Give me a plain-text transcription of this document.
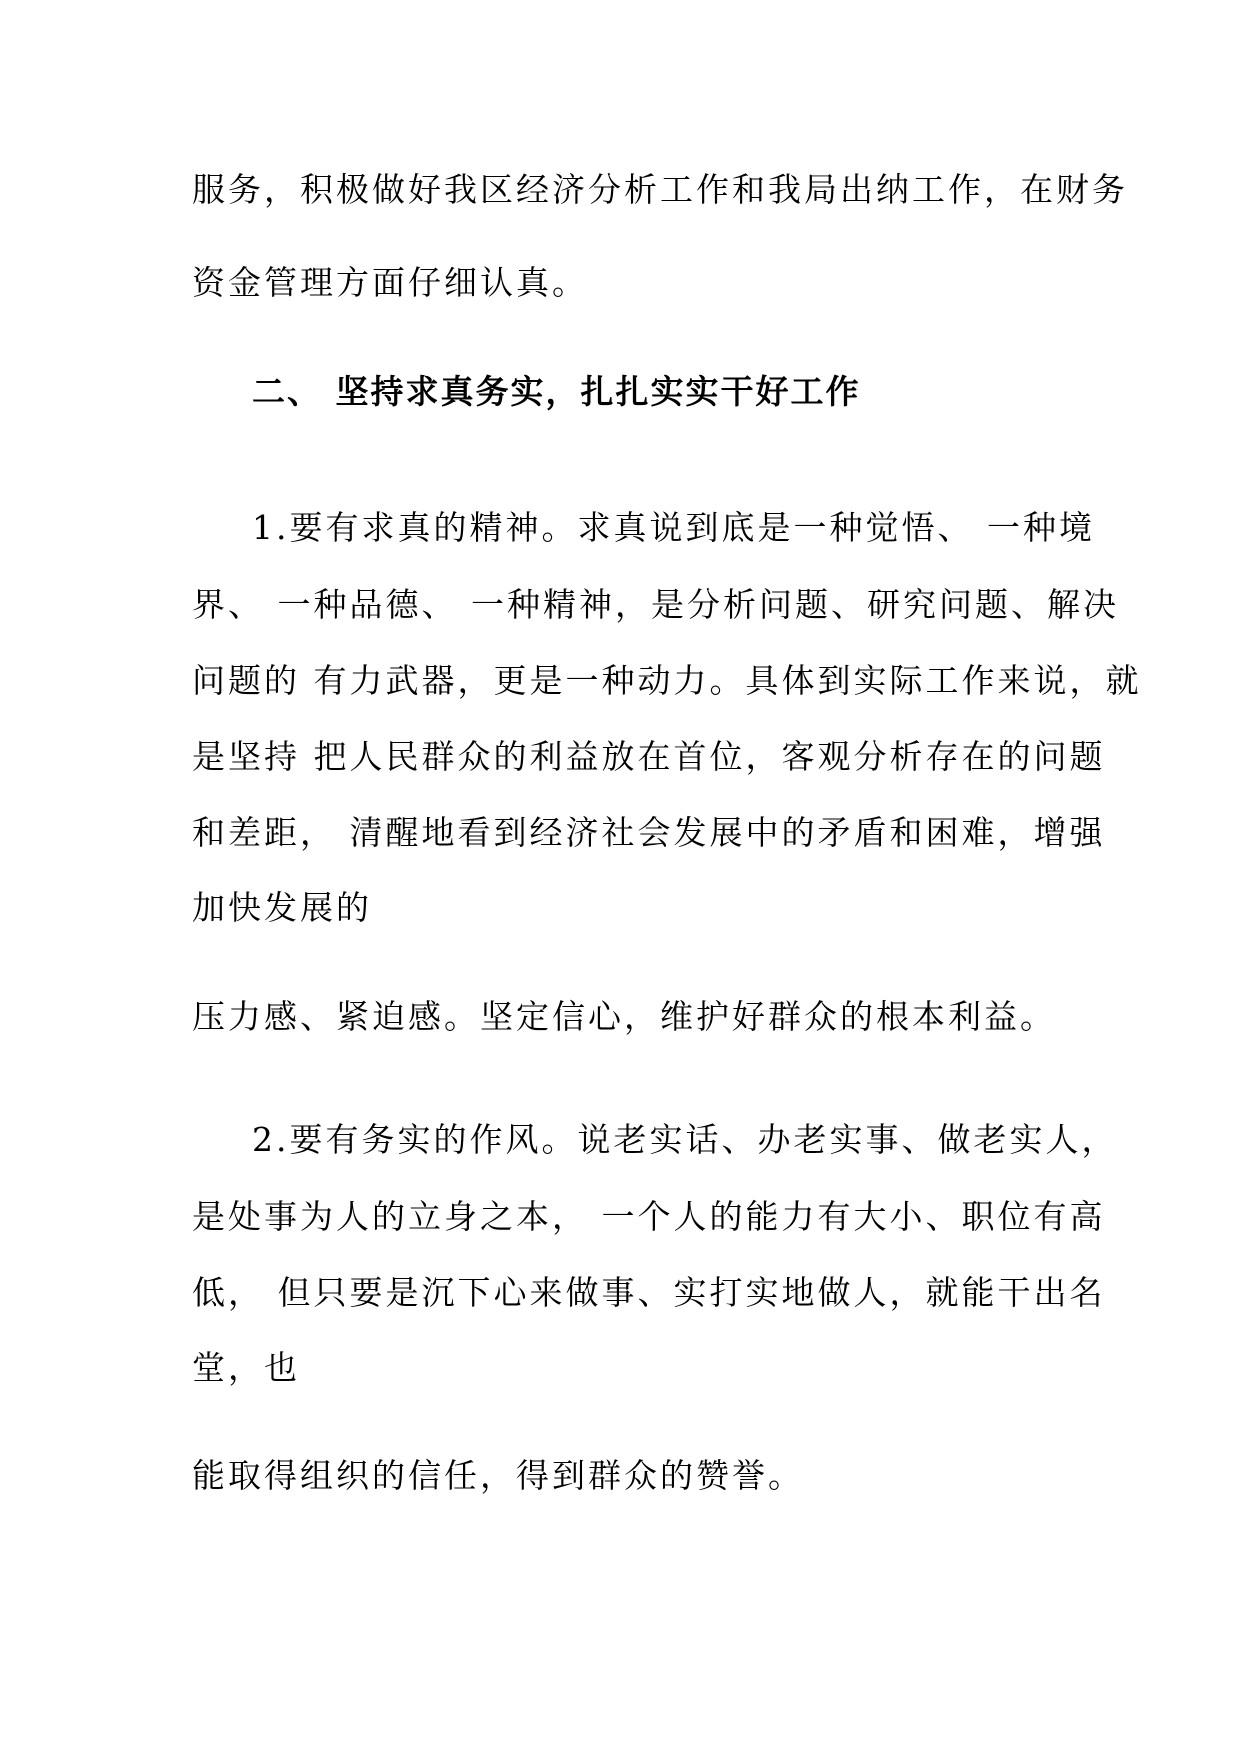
服务，积极做好我区经济分析工作和我局出纳工作，在财务
资金管理方面仔细认真。
二、 坚持求真务实，扎扎实实干好工作
1.要有求真的精神。求真说到底是一种觉悟、 一种境
界、 一种品德、 一种精神，是分析问题、研究问题、解决
问题的 有力武器，更是一种动力。具体到实际工作来说，就
是坚持 把人民群众的利益放在首位，客观分析存在的问题
和差距， 清醒地看到经济社会发展中的矛盾和困难，增强
加快发展的
压力感、紧迫感。坚定信心，维护好群众的根本利益。
2.要有务实的作风。说老实话、办老实事、做老实人，
是处事为人的立身之本， 一个人的能力有大小、职位有高
低， 但只要是沉下心来做事、实打实地做人，就能干出名
堂，也
能取得组织的信任，得到群众的赞誉。
